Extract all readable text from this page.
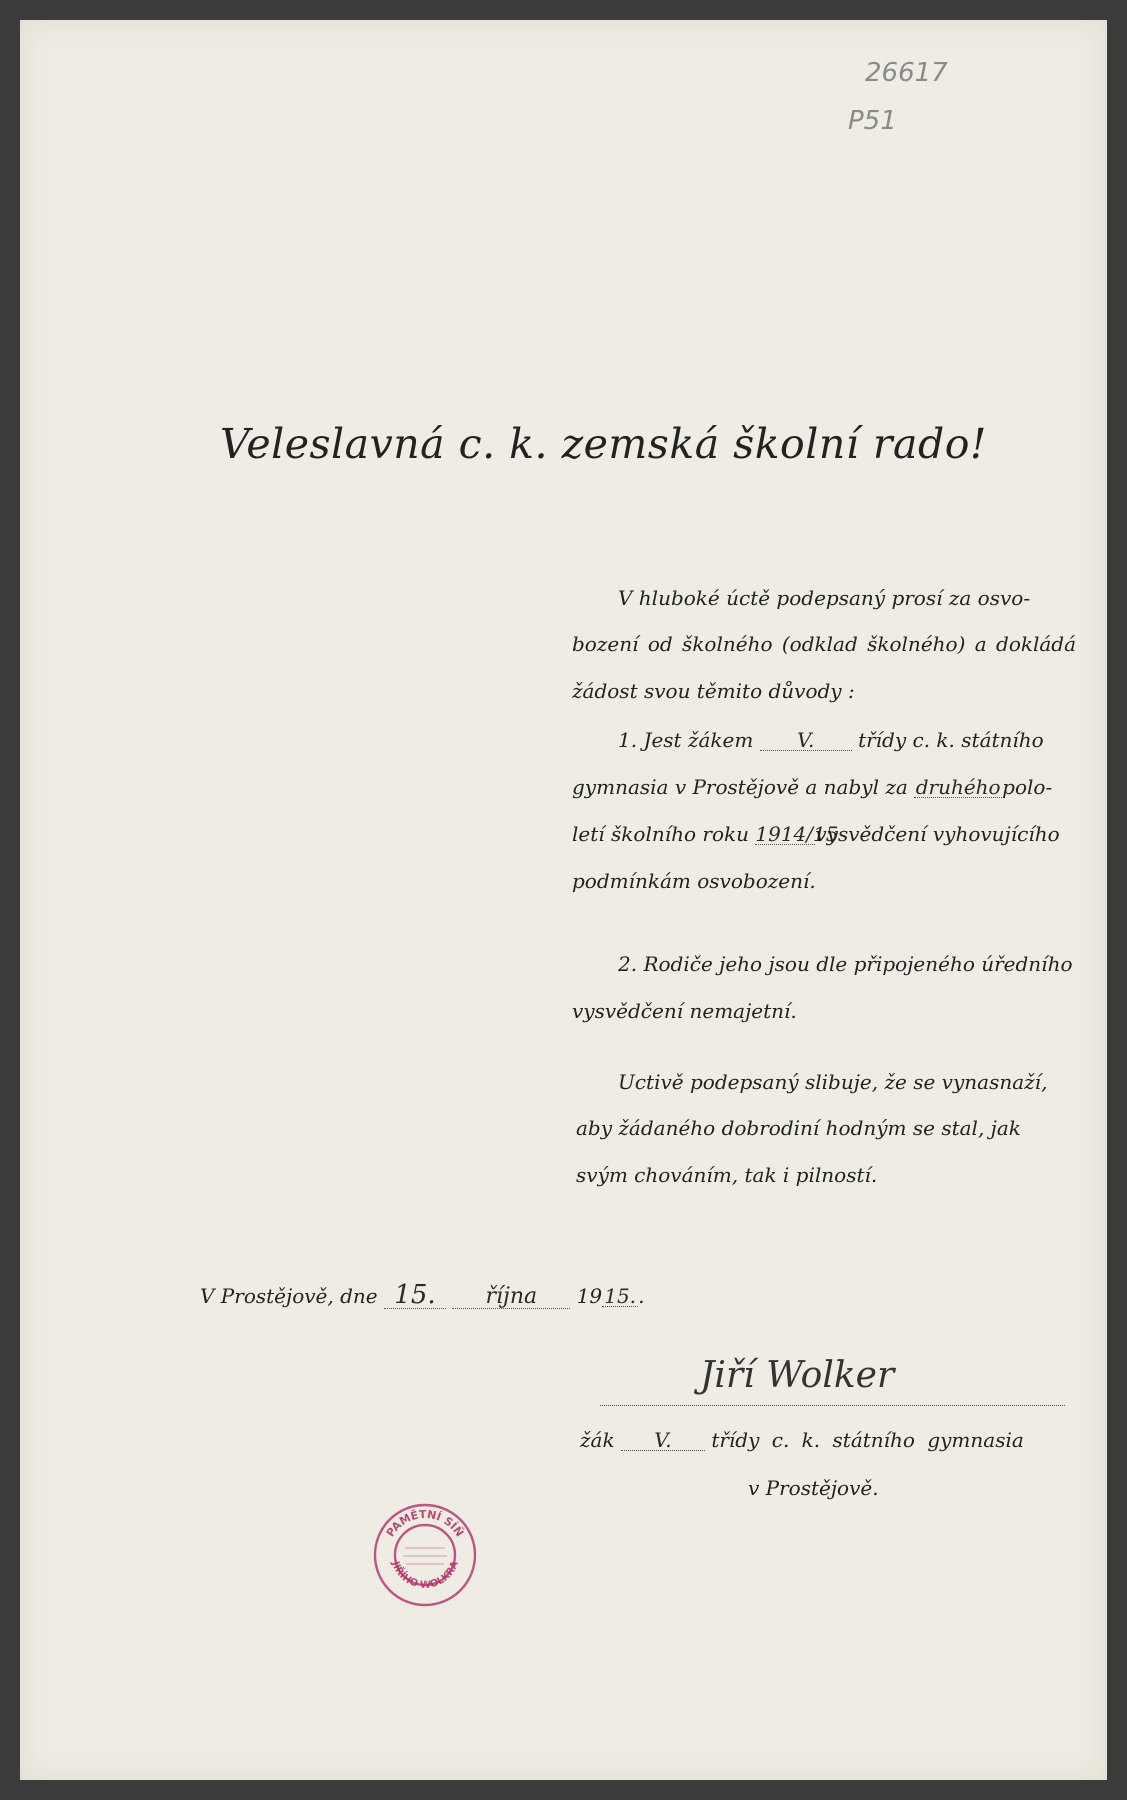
26617
P51
Veleslavná c. k. zemská školní rado!
V hluboké úctě podepsaný prosí za osvo-
bození od školného (odklad školného) a dokládá
žádost svou těmito důvody :
1. Jest žákem V. třídy c. k. státního
gymnasia v Prostějově a nabyl za druhéhopolo-
letí školního roku 1914/15vysvědčení vyhovujícího
podmínkám osvobození.
2. Rodiče jeho jsou dle připojeného úředního
vysvědčení nemajetní.
Uctivě podepsaný slibuje, že se vynasnaží,
aby žádaného dobrodiní hodným se stal, jak
svým chováním, tak i pilností.
V Prostějově, dne 15. října 19 15. .
Jiří Wolker
žák V. třídy c. k. státního gymnasia
v Prostějově.
PAMĚTNÍ SÍŇ
JIŘÍHO WOLKRA
